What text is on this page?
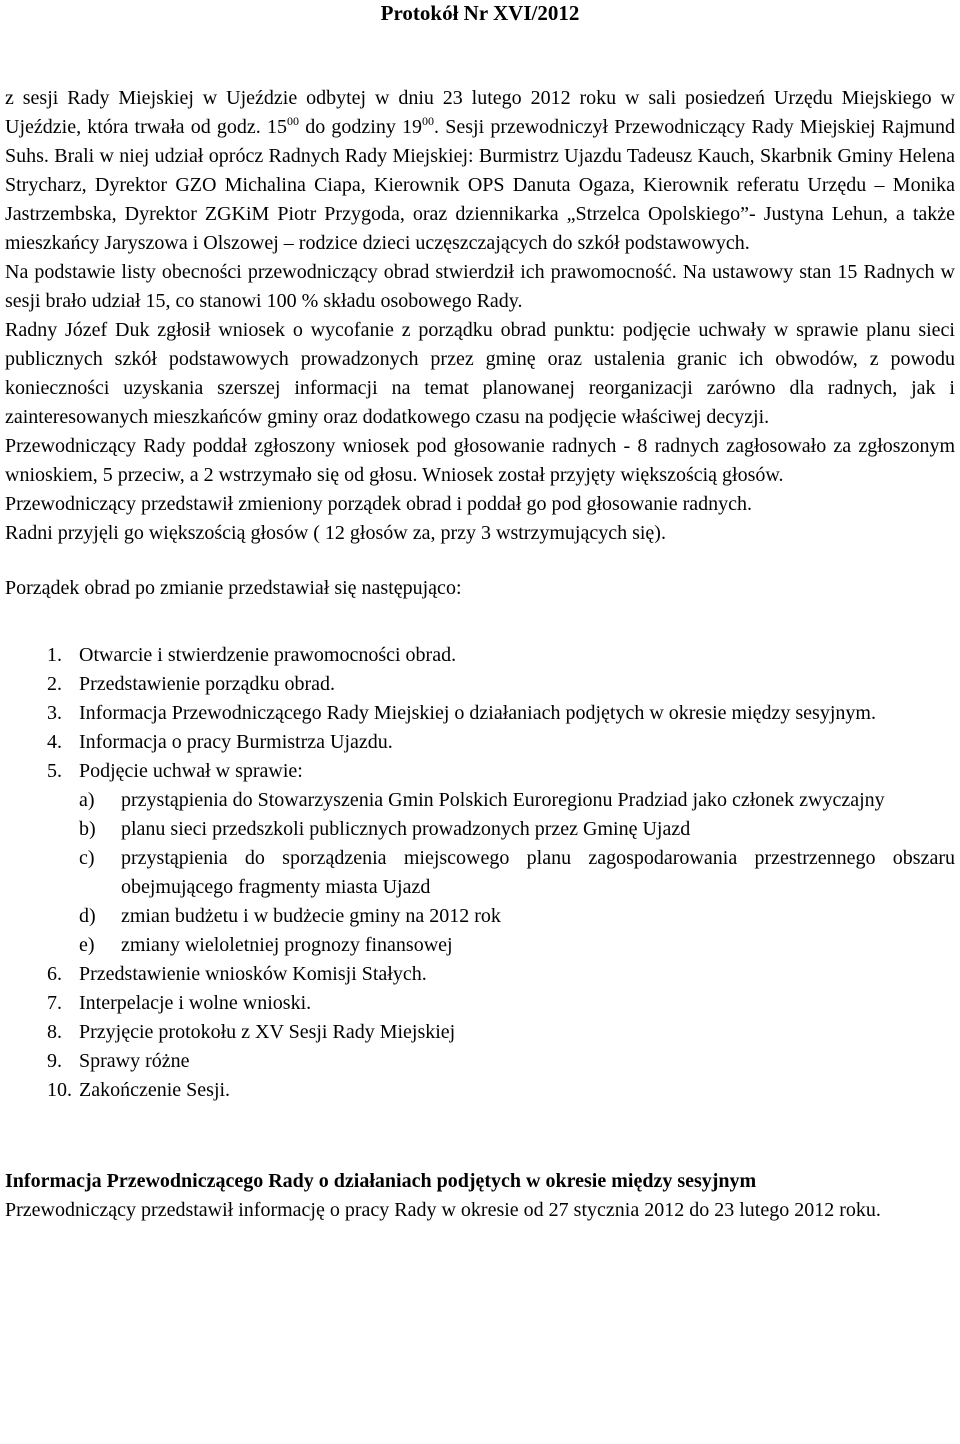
Protokół Nr XVI/2012

z sesji Rady Miejskiej w Ujeździe odbytej w dniu 23 lutego 2012 roku w sali posiedzeń Urzędu Miejskiego w Ujeździe, która trwała od godz. $15^{00}$ do godziny $19^{00}$. Sesji przewodniczył Przewodniczący Rady Miejskiej Rajmund Suhs. Brali w niej udział oprócz Radnych Rady Miejskiej: Burmistrz Ujazdu Tadeusz Kauch, Skarbnik Gminy Helena Strycharz, Dyrektor GZO Michalina Ciapa, Kierownik OPS Danuta Ogaza, Kierownik referatu Urzędu – Monika Jastrzembska, Dyrektor ZGKiM Piotr Przygoda, oraz dziennikarka „Strzelca Opolskiego”- Justyna Lehun, a także mieszkańcy Jaryszowa i Olszowej – rodzice dzieci uczęszczających do szkół podstawowych.

Na podstawie listy obecności przewodniczący obrad stwierdził ich prawomocność. Na ustawowy stan 15 Radnych w sesji brało udział 15, co stanowi 100 % składu osobowego Rady.

Radny Józef Duk zgłosił wniosek o wycofanie z porządku obrad punktu: podjęcie uchwały w sprawie planu sieci publicznych szkół podstawowych prowadzonych przez gminę oraz ustalenia granic ich obwodów, z powodu konieczności uzyskania szerszej informacji na temat planowanej reorganizacji zarówno dla radnych, jak i zainteresowanych mieszkańców gminy oraz dodatkowego czasu na podjęcie właściwej decyzji.

Przewodniczący Rady poddał zgłoszony wniosek pod głosowanie radnych - 8 radnych zagłosowało za zgłoszonym wnioskiem, 5 przeciw, a 2 wstrzymało się od głosu. Wniosek został przyjęty większością głosów.

Przewodniczący przedstawił zmieniony porządek obrad i poddał go pod głosowanie radnych.

Radni przyjęli go większością głosów ( 12 głosów za, przy 3 wstrzymujących się).

Porządek obrad po zmianie przedstawiał się następująco:

1. Otwarcie i stwierdzenie prawomocności obrad.
2. Przedstawienie porządku obrad.
3. Informacja Przewodniczącego Rady Miejskiej o działaniach podjętych w okresie między sesyjnym.
4. Informacja o pracy Burmistrza Ujazdu.
5. Podjęcie uchwał w sprawie:
a)	przystąpienia do Stowarzyszenia Gmin Polskich Euroregionu Pradziad jako członek zwyczajny
b)	planu sieci przedszkoli publicznych prowadzonych przez Gminę Ujazd
c)	przystąpienia do sporządzenia miejscowego planu zagospodarowania przestrzennego obszaru obejmującego fragmenty miasta Ujazd
d)	zmian budżetu i w budżecie gminy na 2012 rok
e)	zmiany wieloletniej prognozy finansowej
6. Przedstawienie wniosków Komisji Stałych.
7. Interpelacje i wolne wnioski.
8. Przyjęcie protokołu z XV Sesji Rady Miejskiej
9. Sprawy różne
10. Zakończenie Sesji.

Informacja Przewodniczącego Rady o działaniach podjętych w okresie między sesyjnym

Przewodniczący przedstawił informację o pracy Rady w okresie od 27 stycznia 2012 do 23 lutego 2012 roku.
